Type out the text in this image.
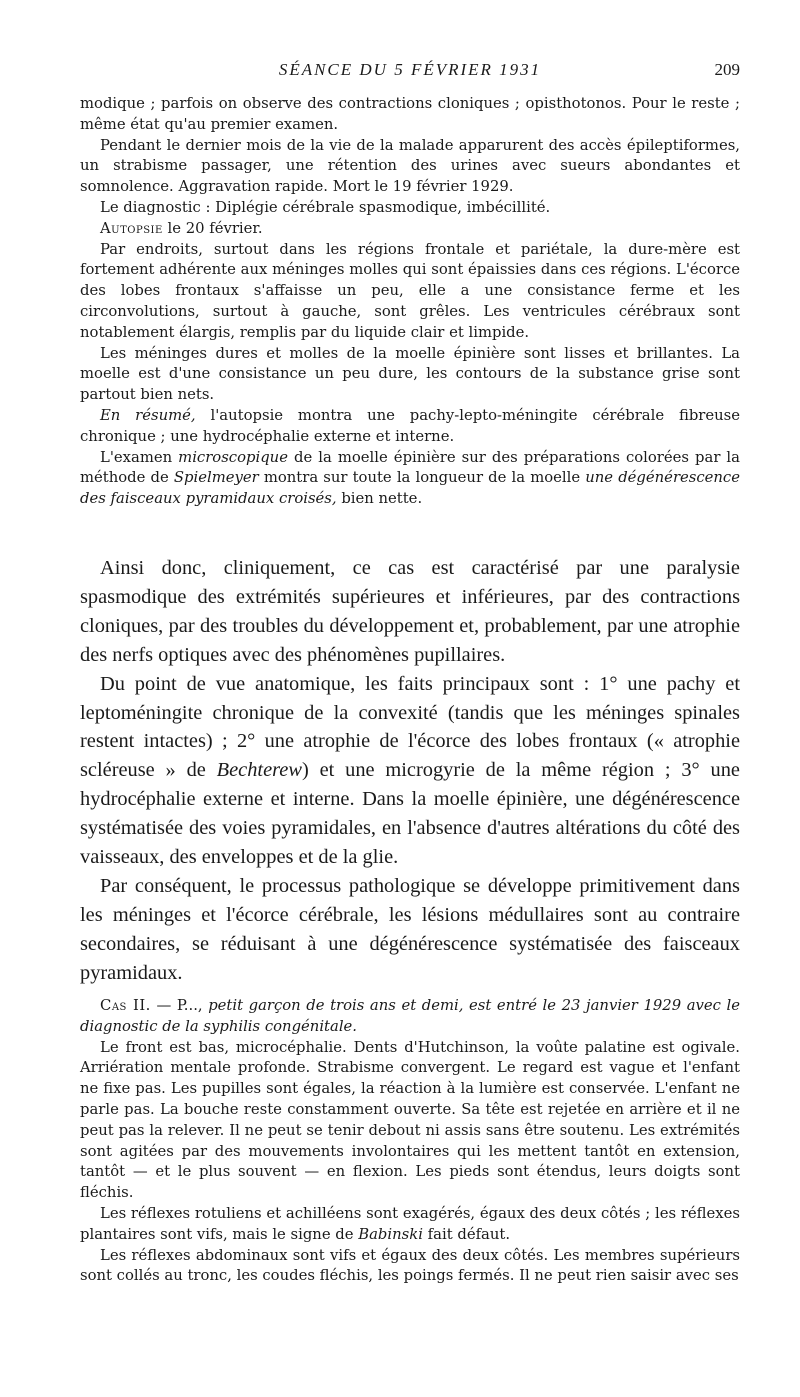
SÉANCE DU 5 FÉVRIER 1931	209

modique ; parfois on observe des contractions cloniques ; opisthotonos. Pour le reste ; même état qu'au premier examen.

Pendant le dernier mois de la vie de la malade apparurent des accès épileptiformes, un strabisme passager, une rétention des urines avec sueurs abondantes et somnolence. Aggravation rapide. Mort le 19 février 1929.

Le diagnostic : Diplégie cérébrale spasmodique, imbécillité.

Autopsie le 20 février.

Par endroits, surtout dans les régions frontale et pariétale, la dure-mère est fortement adhérente aux méninges molles qui sont épaissies dans ces régions. L'écorce des lobes frontaux s'affaisse un peu, elle a une consistance ferme et les circonvolutions, surtout à gauche, sont grêles. Les ventricules cérébraux sont notablement élargis, remplis par du liquide clair et limpide.

Les méninges dures et molles de la moelle épinière sont lisses et brillantes. La moelle est d'une consistance un peu dure, les contours de la substance grise sont partout bien nets.

En résumé, l'autopsie montra une pachy-lepto-méningite cérébrale fibreuse chronique ; une hydrocéphalie externe et interne.

L'examen microscopique de la moelle épinière sur des préparations colorées par la méthode de Spielmeyer montra sur toute la longueur de la moelle une dégénérescence des faisceaux pyramidaux croisés, bien nette.

Ainsi donc, cliniquement, ce cas est caractérisé par une paralysie spasmodique des extrémités supérieures et inférieures, par des contractions cloniques, par des troubles du développement et, probablement, par une atrophie des nerfs optiques avec des phénomènes pupillaires.

Du point de vue anatomique, les faits principaux sont : 1° une pachy et leptoméningite chronique de la convexité (tandis que les méninges spinales restent intactes) ; 2° une atrophie de l'écorce des lobes frontaux (« atrophie scléreuse » de Bechterew) et une microgyrie de la même région ; 3° une hydrocéphalie externe et interne. Dans la moelle épinière, une dégénérescence systématisée des voies pyramidales, en l'absence d'autres altérations du côté des vaisseaux, des enveloppes et de la glie.

Par conséquent, le processus pathologique se développe primitivement dans les méninges et l'écorce cérébrale, les lésions médullaires sont au contraire secondaires, se réduisant à une dégénérescence systématisée des faisceaux pyramidaux.

Cas II. — P..., petit garçon de trois ans et demi, est entré le 23 janvier 1929 avec le diagnostic de la syphilis congénitale.

Le front est bas, microcéphalie. Dents d'Hutchinson, la voûte palatine est ogivale. Arriération mentale profonde. Strabisme convergent. Le regard est vague et l'enfant ne fixe pas. Les pupilles sont égales, la réaction à la lumière est conservée. L'enfant ne parle pas. La bouche reste constamment ouverte. Sa tête est rejetée en arrière et il ne peut pas la relever. Il ne peut se tenir debout ni assis sans être soutenu. Les extrémités sont agitées par des mouvements involontaires qui les mettent tantôt en extension, tantôt — et le plus souvent — en flexion. Les pieds sont étendus, leurs doigts sont fléchis.

Les réflexes rotuliens et achilléens sont exagérés, égaux des deux côtés ; les réflexes plantaires sont vifs, mais le signe de Babinski fait défaut.

Les réflexes abdominaux sont vifs et égaux des deux côtés. Les membres supérieurs sont collés au tronc, les coudes fléchis, les poings fermés. Il ne peut rien saisir avec ses
